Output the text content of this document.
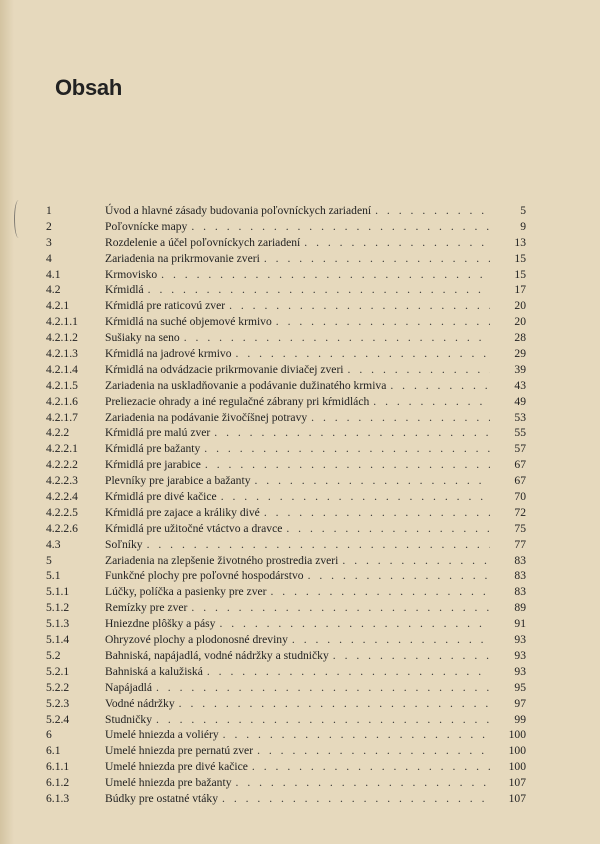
Obsah
1	Úvod a hlavné zásady budovania poľovníckych zariadení . . .	5
2	Poľovnícke mapy . . .	9
3	Rozdelenie a účel poľovníckych zariadení . . .	13
4	Zariadenia na prikrmovanie zveri . . .	15
4.1	Krmovisko . . .	15
4.2	Kŕmidlá . . .	17
4.2.1	Kŕmidlá pre raticovú zver . . .	20
4.2.1.1	Kŕmidlá na suché objemové krmivo . . .	20
4.2.1.2	Sušiaky na seno . . .	28
4.2.1.3	Kŕmidlá na jadrové krmivo . . .	29
4.2.1.4	Kŕmidlá na odvádzacie prikrmovanie diviačej zveri . . .	39
4.2.1.5	Zariadenia na uskladňovanie a podávanie dužinatého krmiva . . .	43
4.2.1.6	Preliezacie ohrady a iné regulačné zábrany pri kŕmidlách . . .	49
4.2.1.7	Zariadenia na podávanie živočíšnej potravy . . .	53
4.2.2	Kŕmidlá pre malú zver . . .	55
4.2.2.1	Kŕmidlá pre bažanty . . .	57
4.2.2.2	Kŕmidlá pre jarabice . . .	67
4.2.2.3	Plevníky pre jarabice a bažanty . . .	67
4.2.2.4	Kŕmidlá pre divé kačice . . .	70
4.2.2.5	Kŕmidlá pre zajace a králiky divé . . .	72
4.2.2.6	Kŕmidlá pre užitočné vtáctvo a dravce . . .	75
4.3	Soľníky . . .	77
5	Zariadenia na zlepšenie životného prostredia zveri . . .	83
5.1	Funkčné plochy pre poľovné hospodárstvo . . .	83
5.1.1	Lúčky, políčka a pasienky pre zver . . .	83
5.1.2	Remízky pre zver . . .	89
5.1.3	Hniezdne plôšky a pásy . . .	91
5.1.4	Ohryzové plochy a plodonosné dreviny . . .	93
5.2	Bahniská, napájadlá, vodné nádržky a studničky . . .	93
5.2.1	Bahniská a kalužiská . . .	93
5.2.2	Napájadlá . . .	95
5.2.3	Vodné nádržky . . .	97
5.2.4	Studničky . . .	99
6	Umelé hniezda a voliéry . . .	100
6.1	Umelé hniezda pre pernatú zver . . .	100
6.1.1	Umelé hniezda pre divé kačice . . .	100
6.1.2	Umelé hniezda pre bažanty . . .	107
6.1.3	Búdky pre ostatné vtáky . . .	107
